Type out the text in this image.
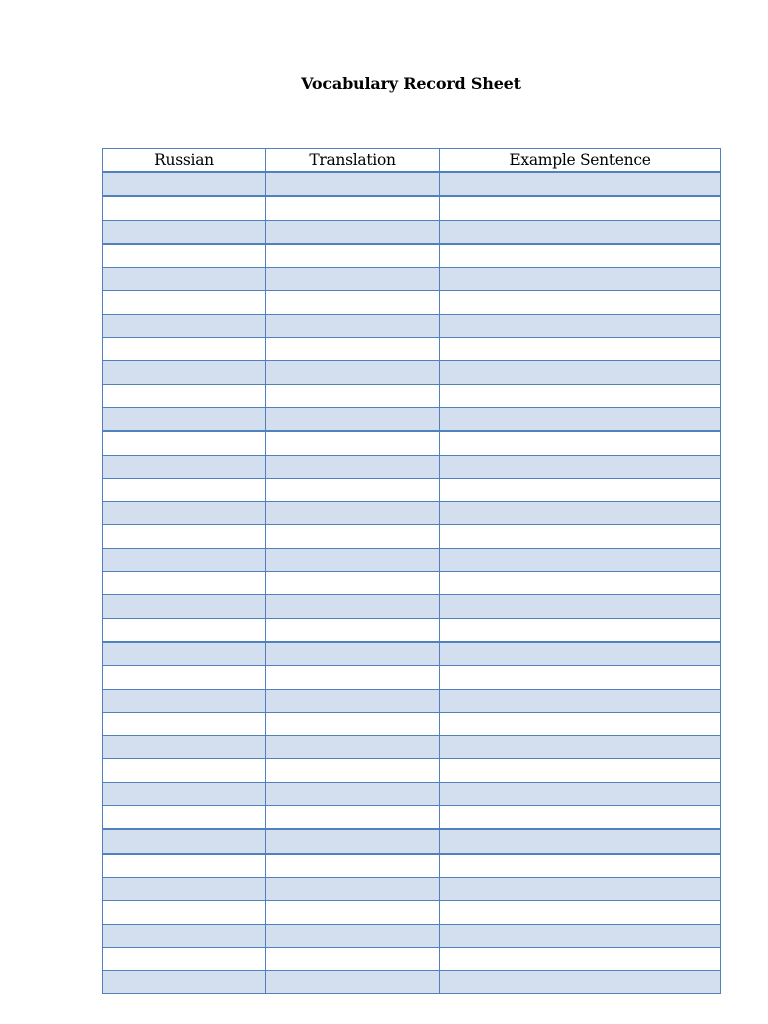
Vocabulary Record Sheet
Russian	Translation	Example Sentence
